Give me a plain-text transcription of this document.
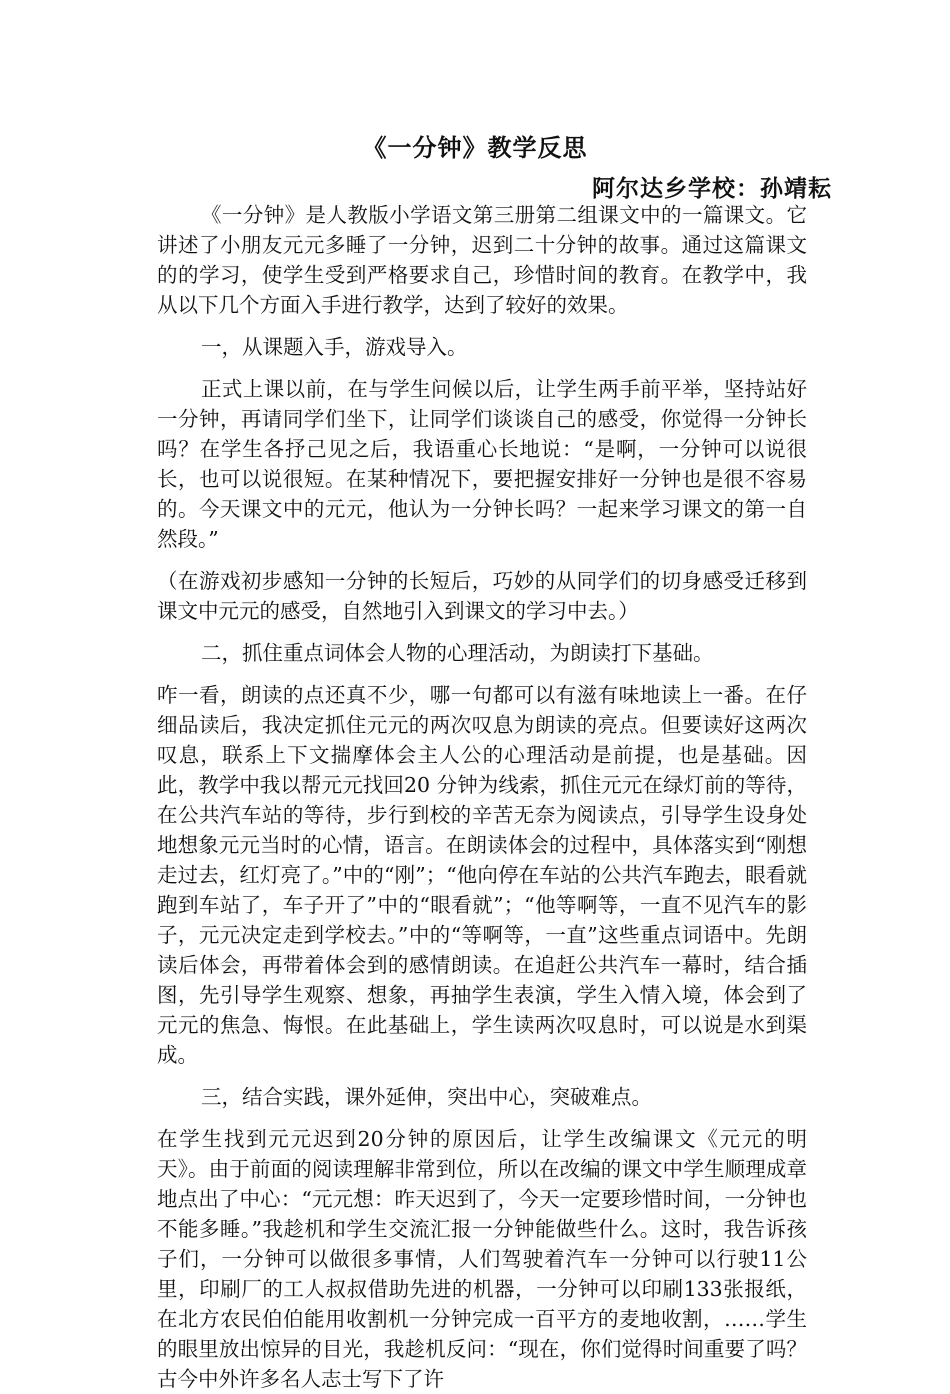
《一分钟》教学反思
阿尔达乡学校：孙靖耘

《一分钟》是人教版小学语文第三册第二组课文中的一篇课文。它讲述了小朋友元元多睡了一分钟，迟到二十分钟的故事。通过这篇课文的的学习，使学生受到严格要求自己，珍惜时间的教育。在教学中，我从以下几个方面入手进行教学，达到了较好的效果。

一，从课题入手，游戏导入。

正式上课以前，在与学生问候以后，让学生两手前平举，坚持站好一分钟，再请同学们坐下，让同学们谈谈自己的感受，你觉得一分钟长吗？在学生各抒己见之后，我语重心长地说：“是啊，一分钟可以说很长，也可以说很短。在某种情况下，要把握安排好一分钟也是很不容易的。今天课文中的元元，他认为一分钟长吗？一起来学习课文的第一自然段。”

（在游戏初步感知一分钟的长短后，巧妙的从同学们的切身感受迁移到课文中元元的感受，自然地引入到课文的学习中去。）

二，抓住重点词体会人物的心理活动，为朗读打下基础。

咋一看，朗读的点还真不少，哪一句都可以有滋有味地读上一番。在仔细品读后，我决定抓住元元的两次叹息为朗读的亮点。但要读好这两次叹息，联系上下文揣摩体会主人公的心理活动是前提，也是基础。因此，教学中我以帮元元找回20 分钟为线索，抓住元元在绿灯前的等待，在公共汽车站的等待，步行到校的辛苦无奈为阅读点，引导学生设身处地想象元元当时的心情，语言。在朗读体会的过程中，具体落实到“刚想走过去，红灯亮了。”中的“刚”；“他向停在车站的公共汽车跑去，眼看就跑到车站了，车子开了”中的“眼看就”；“他等啊等，一直不见汽车的影子，元元决定走到学校去。”中的“等啊等，一直”这些重点词语中。先朗读后体会，再带着体会到的感情朗读。在追赶公共汽车一幕时，结合插图，先引导学生观察、想象，再抽学生表演，学生入情入境，体会到了元元的焦急、悔恨。在此基础上，学生读两次叹息时，可以说是水到渠成。

三，结合实践，课外延伸，突出中心，突破难点。

在学生找到元元迟到20分钟的原因后，让学生改编课文《元元的明天》。由于前面的阅读理解非常到位，所以在改编的课文中学生顺理成章地点出了中心：“元元想：昨天迟到了，今天一定要珍惜时间，一分钟也不能多睡。”我趁机和学生交流汇报一分钟能做些什么。这时，我告诉孩子们，一分钟可以做很多事情，人们驾驶着汽车一分钟可以行驶11公里，印刷厂的工人叔叔借助先进的机器，一分钟可以印刷133张报纸，在北方农民伯伯能用收割机一分钟完成一百平方的麦地收割，……学生的眼里放出惊异的目光，我趁机反问：“现在，你们觉得时间重要了吗？古今中外许多名人志士写下了许
